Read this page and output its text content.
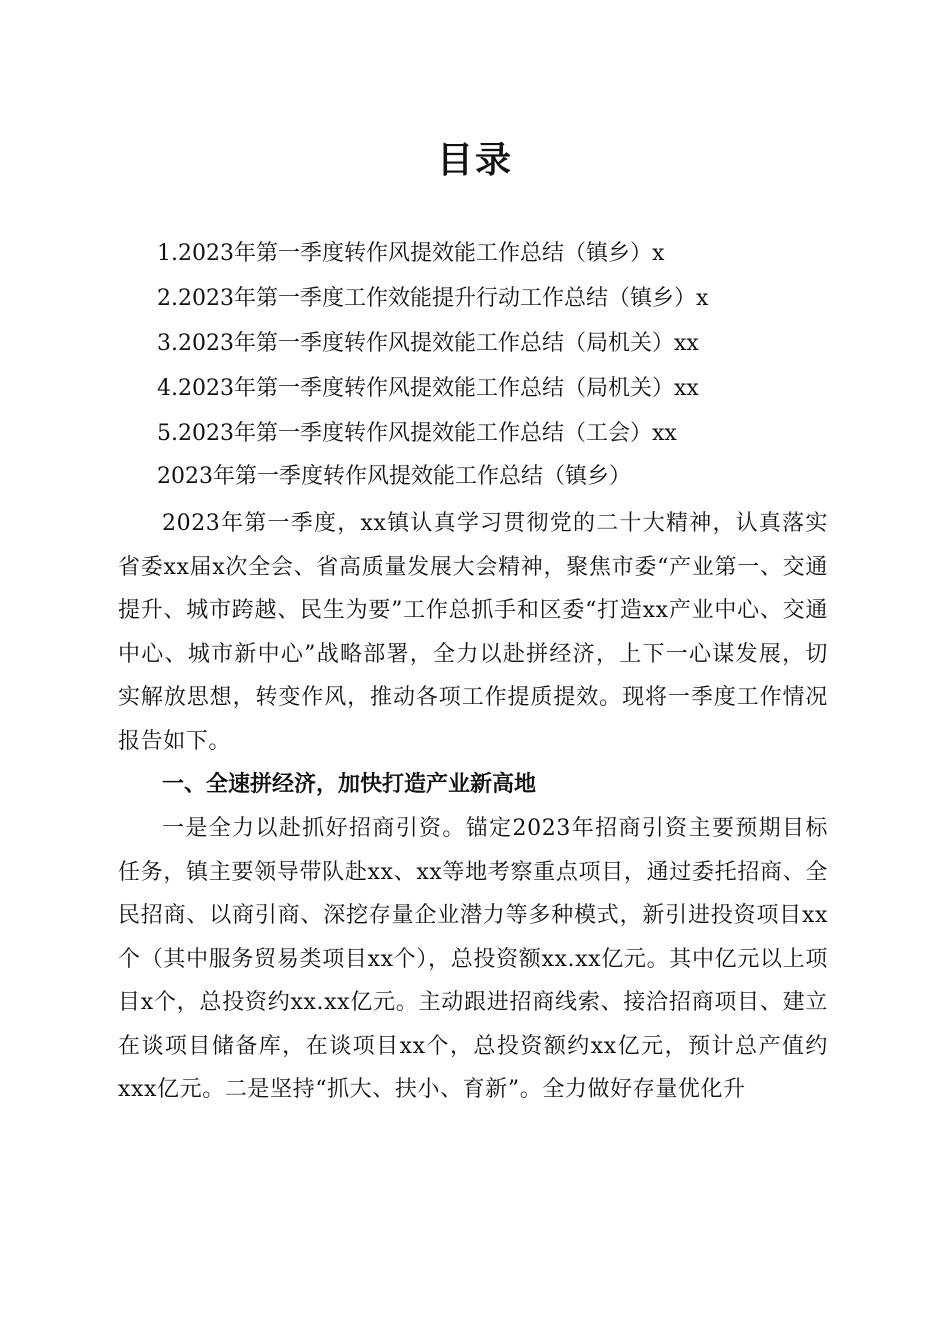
目录
1.2023年第一季度转作风提效能工作总结（镇乡）x
2.2023年第一季度工作效能提升行动工作总结（镇乡）x
3.2023年第一季度转作风提效能工作总结（局机关）xx
4.2023年第一季度转作风提效能工作总结（局机关）xx
5.2023年第一季度转作风提效能工作总结（工会）xx
2023年第一季度转作风提效能工作总结（镇乡）

2023年第一季度，xx镇认真学习贯彻党的二十大精神，认真落实省委xx届x次全会、省高质量发展大会精神，聚焦市委“产业第一、交通提升、城市跨越、民生为要”工作总抓手和区委“打造xx产业中心、交通中心、城市新中心”战略部署，全力以赴拼经济，上下一心谋发展，切实解放思想，转变作风，推动各项工作提质提效。现将一季度工作情况报告如下。

一、全速拼经济，加快打造产业新高地

一是全力以赴抓好招商引资。锚定2023年招商引资主要预期目标任务，镇主要领导带队赴xx、xx等地考察重点项目，通过委托招商、全民招商、以商引商、深挖存量企业潜力等多种模式，新引进投资项目xx个（其中服务贸易类项目xx个），总投资额xx.xx亿元。其中亿元以上项目x个，总投资约xx.xx亿元。主动跟进招商线索、接洽招商项目、建立在谈项目储备库，在谈项目xx个，总投资额约xx亿元，预计总产值约xxx亿元。二是坚持“抓大、扶小、育新”。全力做好存量优化升
